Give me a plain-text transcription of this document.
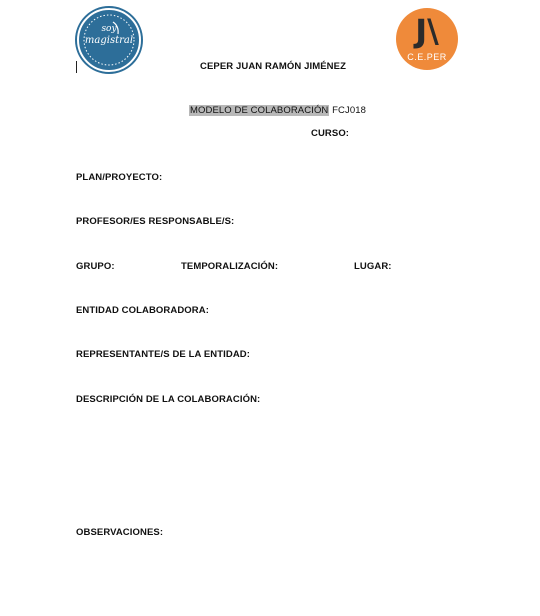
soy
magistral	J\
C.E.PER
CEPER JUAN RAMÓN JIMÉNEZ
MODELO DE COLABORACIÓN FCJ018
CURSO:
PLAN/PROYECTO:
PROFESOR/ES RESPONSABLE/S:
GRUPO:	TEMPORALIZACIÓN:	LUGAR:
ENTIDAD COLABORADORA:
REPRESENTANTE/S DE LA ENTIDAD:
DESCRIPCIÓN DE LA COLABORACIÓN:
OBSERVACIONES:
